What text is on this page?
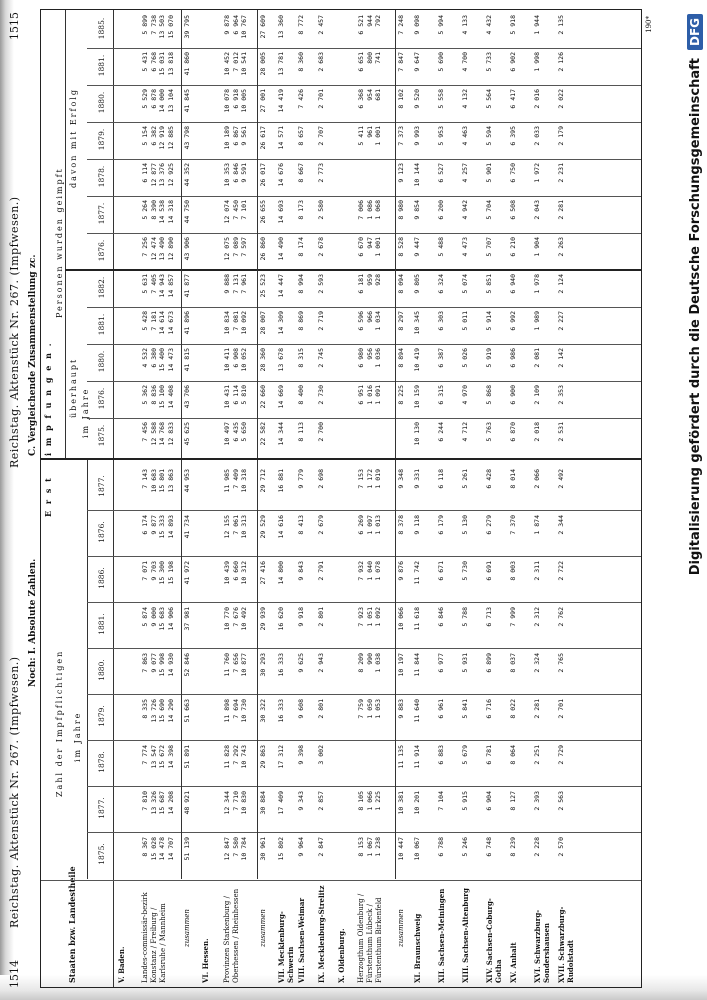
1514
Reichstag. Aktenstück Nr. 267. (Impfwesen.)
Reichstag. Aktenstück Nr. 267. (Impfwesen.)
1515
Noch: I. Absolute Zahlen.
E r s t
Staaten bzw. Landestheile
Zahl der Impfpflichtigen im Jahre
1875.
1877.
1878.
1879.
1880.
1881.
1886.
1876.
1877.
V. Baden. Landes-commissär-bezirk Konstanz / Freiburg / Karlsruhe / Mannheim
8 367
15 028
14 478
14 707
7 810
13 326
15 687
14 208
7 774
13 547
15 672
14 398
8 335
13 726
15 690
14 290
7 863
9 077
15 998
14 930
5 874
9 000
15 683
14 906
7 071
9 703
15 300
15 198
6 174
9 877
15 333
14 893
7 143
10 683
15 801
13 863
zusammen
51 139
48 921
51 891
51 663
52 846
37 981
41 972
41 734
44 953
VI. Hessen. Provinzen Starkenburg / Oberhessen / Rheinhessen
12 847
7 580
10 784
12 344
7 710
10 830
11 828
7 292
10 743
11 898
7 694
10 730
11 760
7 656
10 877
10 770
7 676
10 492
10 439
6 660
10 312
12 155
7 061
10 313
11 985
7 409
10 318
zusammen
30 961
30 884
29 863
30 322
30 293
29 939
27 416
29 529
29 712
VII. Mecklenburg-Schwerin
15 802
17 409
17 312
16 333
16 333
16 620
14 800
14 616
16 881
VIII. Sachsen-Weimar
9 964
9 343
9 398
9 608
9 625
9 918
9 843
8 413
9 779
IX. Mecklenburg-Strelitz
2 847
2 857
3 002
2 801
2 943
2 801
2 791
2 679
2 698
X. Oldenburg. Herzogthum Oldenburg / Fürstenthum Lübeck / Fürstenthum Birkenfeld
8 153
1 067
1 238
8 105
1 066
1 225
7 759
1 050
1 053
8 209
990
1 038
7 923
1 051
1 092
7 932
1 040
1 078
6 269
1 097
1 013
7 153
1 172
1 019
zusammen
10 447
10 381
11 135
9 883
10 197
10 066
9 876
8 378
9 348
XI. Braunschweig
10 067
10 201
11 914
11 640
11 844
11 618
11 742
9 118
9 331
XII. Sachsen-Meiningen
6 788
7 104
6 883
6 961
6 977
6 846
6 671
6 179
6 118
XIII. Sachsen-Altenburg
5 246
5 915
5 679
5 841
5 931
5 788
5 730
5 130
5 261
XIV. Sachsen-Coburg-Gotha
6 748
6 904
6 781
6 716
6 899
6 713
6 691
6 279
6 428
XV. Anhalt
8 239
8 127
8 064
8 022
8 037
7 999
8 003
7 370
8 014
XVI. Schwarzburg-Sondershausen
2 228
2 393
2 251
2 281
2 324
2 312
2 311
1 874
2 066
XVII. Schwarzburg-Rudolstadt
2 570
2 563
2 729
2 701
2 765
2 762
2 722
2 344
2 492
C. Vergleichende Zusammenstellung zc. i m p f u n g e n .
Personen wurden geimpft
überhaupt
davon mit Erfolg
im Jahre
190*
1875.
1876.
1880.
1881.
1882.
1876.
1877.
1878.
1879.
1880.
1881.
1885.
7 456
12 588
14 768
12 833
5 362
8 836
15 100
14 408
4 532
6 380
15 400
14 473
5 428
7 181
14 614
14 673
5 631
7 405
14 943
14 857
7 256
12 474
13 490
12 890
5 264
8 390
14 538
14 318
6 114
12 877
13 376
12 925
5 154
6 382
12 919
12 885
5 529
6 878
14 000
13 104
5 431
6 768
15 031
13 818
5 899
7 738
13 503
15 070
45 625
43 706
41 815
41 896
41 877
43 906
44 750
44 352
43 798
41 845
41 860
39 795
10 497
6 435
5 650
10 431
6 114
5 810
10 411
6 908
10 052
10 834
7 081
10 092
9 888
7 131
7 961
12 075
7 089
7 597
12 074
7 450
7 101
10 353
6 846
9 591
10 189
6 867
9 561
10 078
6 918
10 005
10 452
7 012
10 541
9 878
6 964
10 767
22 582
22 660
28 360
28 007
25 523
26 860
26 655
26 017
26 617
27 001
28 005
27 609
14 344
14 669
13 678
14 309
14 447
14 490
14 693
14 676
14 571
14 419
13 781
13 360
8 113
8 400
8 315
8 869
8 994
8 174
8 173
8 667
8 657
7 426
8 360
8 772
2 700
2 730
2 745
2 719
2 593
2 678
2 580
2 773
2 707
2 701
2 683
2 457
6 951
1 016
1 091
6 980
956
1 036
6 596
966
1 034
6 181
959
928
6 670
947
1 001
7 006
1 086
1 068
5 411
961
1 001
6 368
954
681
6 651
800
741
6 521
944
792
8 225
8 894
8 297
8 094
8 528
8 980
9 123
7 373
8 102
7 847
7 248
10 130
10 159
10 419
10 345
9 805
9 447
9 854
10 144
9 993
9 520
9 647
9 098
6 244
6 315
6 387
6 303
6 324
5 488
6 200
6 527
5 953
5 558
5 690
5 994
4 712
4 970
5 026
5 011
5 074
4 473
4 942
4 257
4 463
4 132
4 700
4 133
5 763
5 868
5 919
5 914
5 851
5 707
5 704
5 901
5 594
5 564
5 733
4 432
6 870
6 900
6 986
6 992
6 940
6 210
6 508
6 750
6 395
6 417
6 902
5 918
2 018
2 109
2 081
1 989
1 978
1 904
2 043
1 972
2 033
2 016
1 998
1 944
2 531
2 353
2 142
2 227
2 124
2 263
2 281
2 231
2 179
2 022
2 126
2 135
Digitalisierung gefördert durch die Deutsche Forschungsgemeinschaft
DFG
